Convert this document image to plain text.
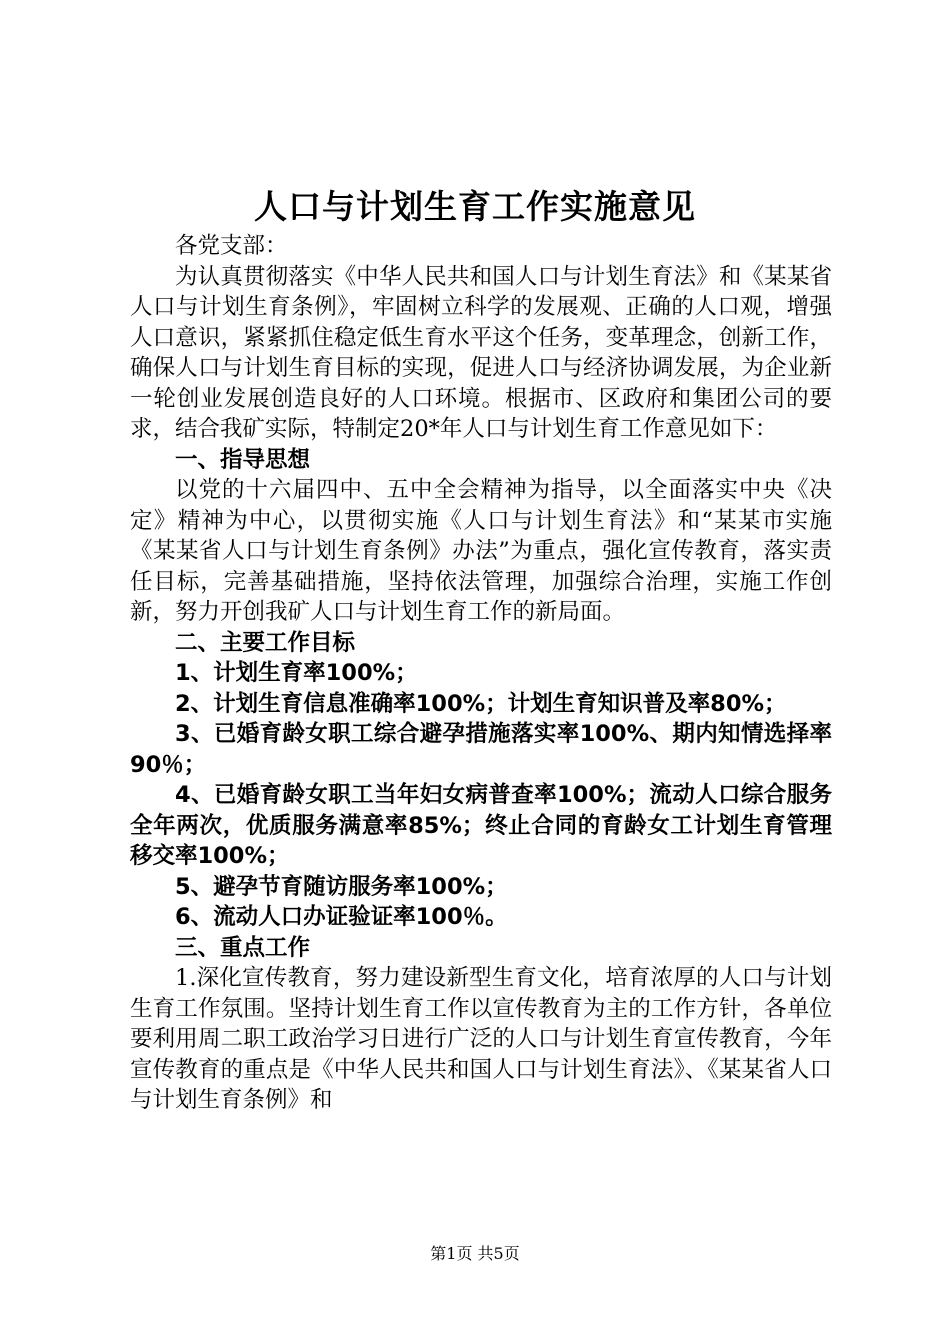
人口与计划生育工作实施意见

各党支部：

为认真贯彻落实《中华人民共和国人口与计划生育法》和《某某省人口与计划生育条例》，牢固树立科学的发展观、正确的人口观，增强人口意识，紧紧抓住稳定低生育水平这个任务，变革理念，创新工作，确保人口与计划生育目标的实现，促进人口与经济协调发展，为企业新一轮创业发展创造良好的人口环境。根据市、区政府和集团公司的要求，结合我矿实际，特制定20*年人口与计划生育工作意见如下：

一、指导思想

以党的十六届四中、五中全会精神为指导，以全面落实中央《决定》精神为中心，以贯彻实施《人口与计划生育法》和“某某市实施《某某省人口与计划生育条例》办法”为重点，强化宣传教育，落实责任目标，完善基础措施，坚持依法管理，加强综合治理，实施工作创新，努力开创我矿人口与计划生育工作的新局面。

二、主要工作目标

1、计划生育率100%；

2、计划生育信息准确率100%；计划生育知识普及率80%；

3、已婚育龄女职工综合避孕措施落实率100%、期内知情选择率90％；

4、已婚育龄女职工当年妇女病普查率100%；流动人口综合服务全年两次，优质服务满意率85%；终止合同的育龄女工计划生育管理移交率100%；

5、避孕节育随访服务率100%；

6、流动人口办证验证率100％。

三、重点工作

1.深化宣传教育，努力建设新型生育文化，培育浓厚的人口与计划生育工作氛围。坚持计划生育工作以宣传教育为主的工作方针，各单位要利用周二职工政治学习日进行广泛的人口与计划生育宣传教育，今年宣传教育的重点是《中华人民共和国人口与计划生育法》、《某某省人口与计划生育条例》和

第1页 共5页
